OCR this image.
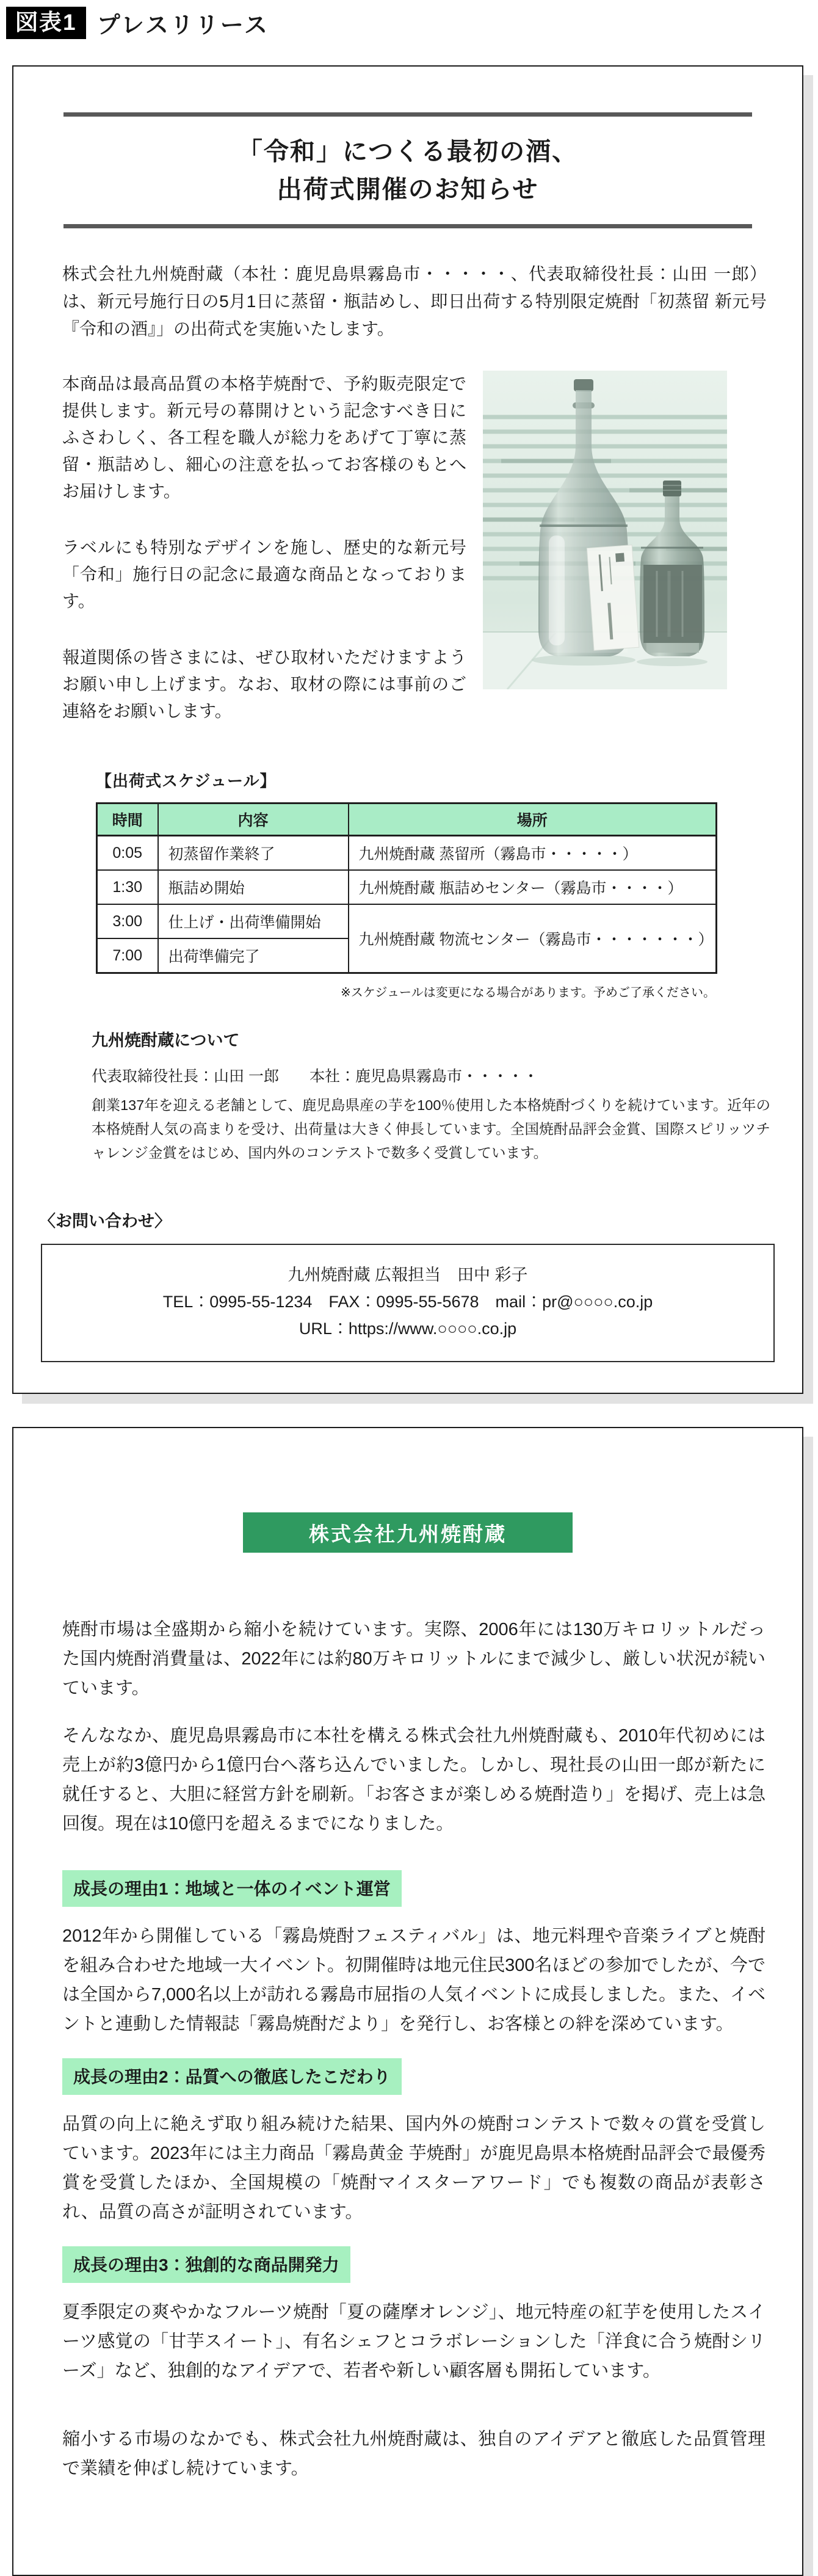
図表1 プレスリリース
「令和」につくる最初の酒、
出荷式開催のお知らせ

株式会社九州焼酎蔵（本社：鹿児島県霧島市・・・・・、代表取締役社長：山田 一郎）は、新元号施行日の5月1日に蒸留・瓶詰めし、即日出荷する特別限定焼酎「初蒸留 新元号『令和の酒』」の出荷式を実施いたします。

本商品は最高品質の本格芋焼酎で、予約販売限定で提供します。新元号の幕開けという記念すべき日にふさわしく、各工程を職人が総力をあげて丁寧に蒸留・瓶詰めし、細心の注意を払ってお客様のもとへお届けします。

ラベルにも特別なデザインを施し、歴史的な新元号「令和」施行日の記念に最適な商品となっております。

報道関係の皆さまには、ぜひ取材いただけますようお願い申し上げます。なお、取材の際には事前のご連絡をお願いします。

【出荷式スケジュール】
時間	内容	場所
0:05	初蒸留作業終了	九州焼酎蔵 蒸留所（霧島市・・・・・）
1:30	瓶詰め開始	九州焼酎蔵 瓶詰めセンター（霧島市・・・・）
3:00	仕上げ・出荷準備開始	九州焼酎蔵 物流センター（霧島市・・・・・・・）
7:00	出荷準備完了	

※スケジュールは変更になる場合があります。予めご了承ください。

九州焼酎蔵について

代表取締役社長：山田 一郎　　本社：鹿児島県霧島市・・・・・

創業137年を迎える老舗として、鹿児島県産の芋を100％使用した本格焼酎づくりを続けています。近年の本格焼酎人気の高まりを受け、出荷量は大きく伸長しています。全国焼酎品評会金賞、国際スピリッツチャレンジ金賞をはじめ、国内外のコンテストで数多く受賞しています。

〈お問い合わせ〉
九州焼酎蔵 広報担当　田中 彩子
TEL：0995-55-1234　FAX：0995-55-5678　mail：pr@○○○○.co.jp
URL：https://www.○○○○.co.jp
株式会社九州焼酎蔵

焼酎市場は全盛期から縮小を続けています。実際、2006年には130万キロリットルだった国内焼酎消費量は、2022年には約80万キロリットルにまで減少し、厳しい状況が続いています。

そんななか、鹿児島県霧島市に本社を構える株式会社九州焼酎蔵も、2010年代初めには売上が約3億円から1億円台へ落ち込んでいました。しかし、現社長の山田一郎が新たに就任すると、大胆に経営方針を刷新。「お客さまが楽しめる焼酎造り」を掲げ、売上は急回復。現在は10億円を超えるまでになりました。

成長の理由1：地域と一体のイベント運営

2012年から開催している「霧島焼酎フェスティバル」は、地元料理や音楽ライブと焼酎を組み合わせた地域一大イベント。初開催時は地元住民300名ほどの参加でしたが、今では全国から7,000名以上が訪れる霧島市屈指の人気イベントに成長しました。また、イベントと連動した情報誌「霧島焼酎だより」を発行し、お客様との絆を深めています。

成長の理由2：品質への徹底したこだわり

品質の向上に絶えず取り組み続けた結果、国内外の焼酎コンテストで数々の賞を受賞しています。2023年には主力商品「霧島黄金 芋焼酎」が鹿児島県本格焼酎品評会で最優秀賞を受賞したほか、全国規模の「焼酎マイスターアワード」でも複数の商品が表彰され、品質の高さが証明されています。

成長の理由3：独創的な商品開発力

夏季限定の爽やかなフルーツ焼酎「夏の薩摩オレンジ」、地元特産の紅芋を使用したスイーツ感覚の「甘芋スイート」、有名シェフとコラボレーションした「洋食に合う焼酎シリーズ」など、独創的なアイデアで、若者や新しい顧客層も開拓しています。

縮小する市場のなかでも、株式会社九州焼酎蔵は、独自のアイデアと徹底した品質管理で業績を伸ばし続けています。
